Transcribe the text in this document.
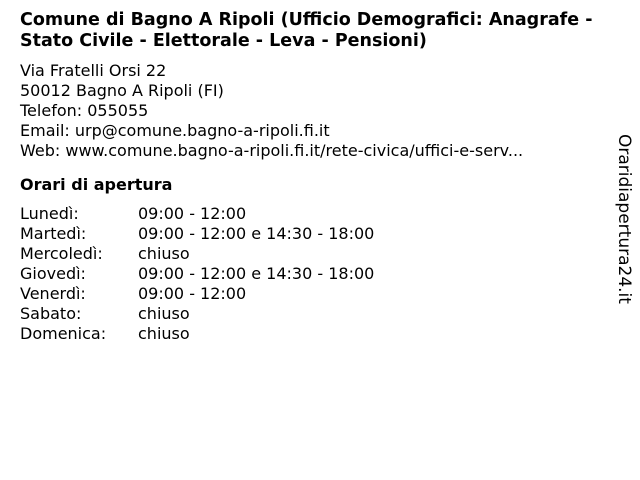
Comune di Bagno A Ripoli (Ufficio Demografici: Anagrafe - Stato Civile - Elettorale - Leva - Pensioni)
Via Fratelli Orsi 22
50012 Bagno A Ripoli (FI)
Telefon: 055055
Email: urp@comune.bagno-a-ripoli.fi.it
Web: www.comune.bagno-a-ripoli.fi.it/rete-civica/uffici-e-serv...
Orari di apertura
Lunedì:	09:00 - 12:00
Martedì:	09:00 - 12:00 e 14:30 - 18:00
Mercoledì:	chiuso
Giovedì:	09:00 - 12:00 e 14:30 - 18:00
Venerdì:	09:00 - 12:00
Sabato:	chiuso
Domenica:	chiuso
Oraridiapertura24.it
